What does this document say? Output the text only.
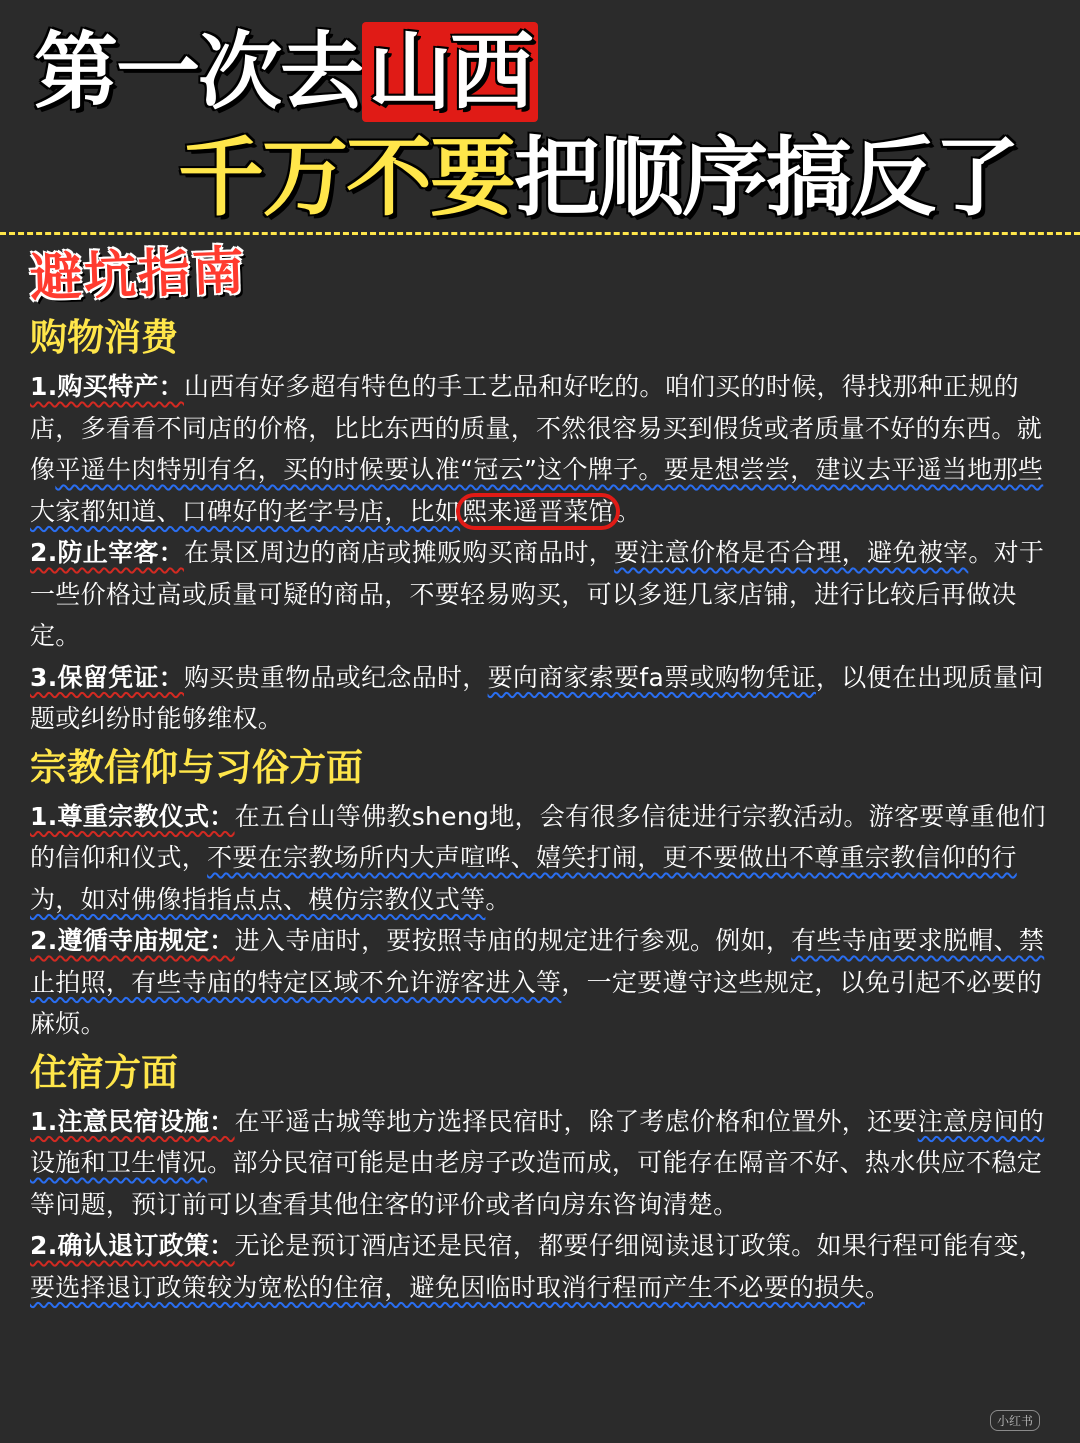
第一次去山西
千万不要把顺序搞反了
避坑指南
购物消费

1.购买特产：山西有好多超有特色的手工艺品和好吃的。咱们买的时候，得找那种正规的店，多看看不同店的价格，比比东西的质量，不然很容易买到假货或者质量不好的东西。就像平遥牛肉特别有名，买的时候要认准“冠云”这个牌子。要是想尝尝，建议去平遥当地那些大家都知道、口碑好的老字号店，比如熙来遥晋菜馆。

2.防止宰客：在景区周边的商店或摊贩购买商品时，要注意价格是否合理，避免被宰。对于一些价格过高或质量可疑的商品，不要轻易购买，可以多逛几家店铺，进行比较后再做决定。

3.保留凭证：购买贵重物品或纪念品时，要向商家索要fa票或购物凭证，以便在出现质量问题或纠纷时能够维权。

宗教信仰与习俗方面

1.尊重宗教仪式：在五台山等佛教sheng地，会有很多信徒进行宗教活动。游客要尊重他们的信仰和仪式，不要在宗教场所内大声喧哗、嬉笑打闹，更不要做出不尊重宗教信仰的行为，如对佛像指指点点、模仿宗教仪式等。

2.遵循寺庙规定：进入寺庙时，要按照寺庙的规定进行参观。例如，有些寺庙要求脱帽、禁止拍照，有些寺庙的特定区域不允许游客进入等，一定要遵守这些规定，以免引起不必要的麻烦。

住宿方面

1.注意民宿设施：在平遥古城等地方选择民宿时，除了考虑价格和位置外，还要注意房间的设施和卫生情况。部分民宿可能是由老房子改造而成，可能存在隔音不好、热水供应不稳定等问题，预订前可以查看其他住客的评价或者向房东咨询清楚。

2.确认退订政策：无论是预订酒店还是民宿，都要仔细阅读退订政策。如果行程可能有变，要选择退订政策较为宽松的住宿，避免因临时取消行程而产生不必要的损失。

小红书
